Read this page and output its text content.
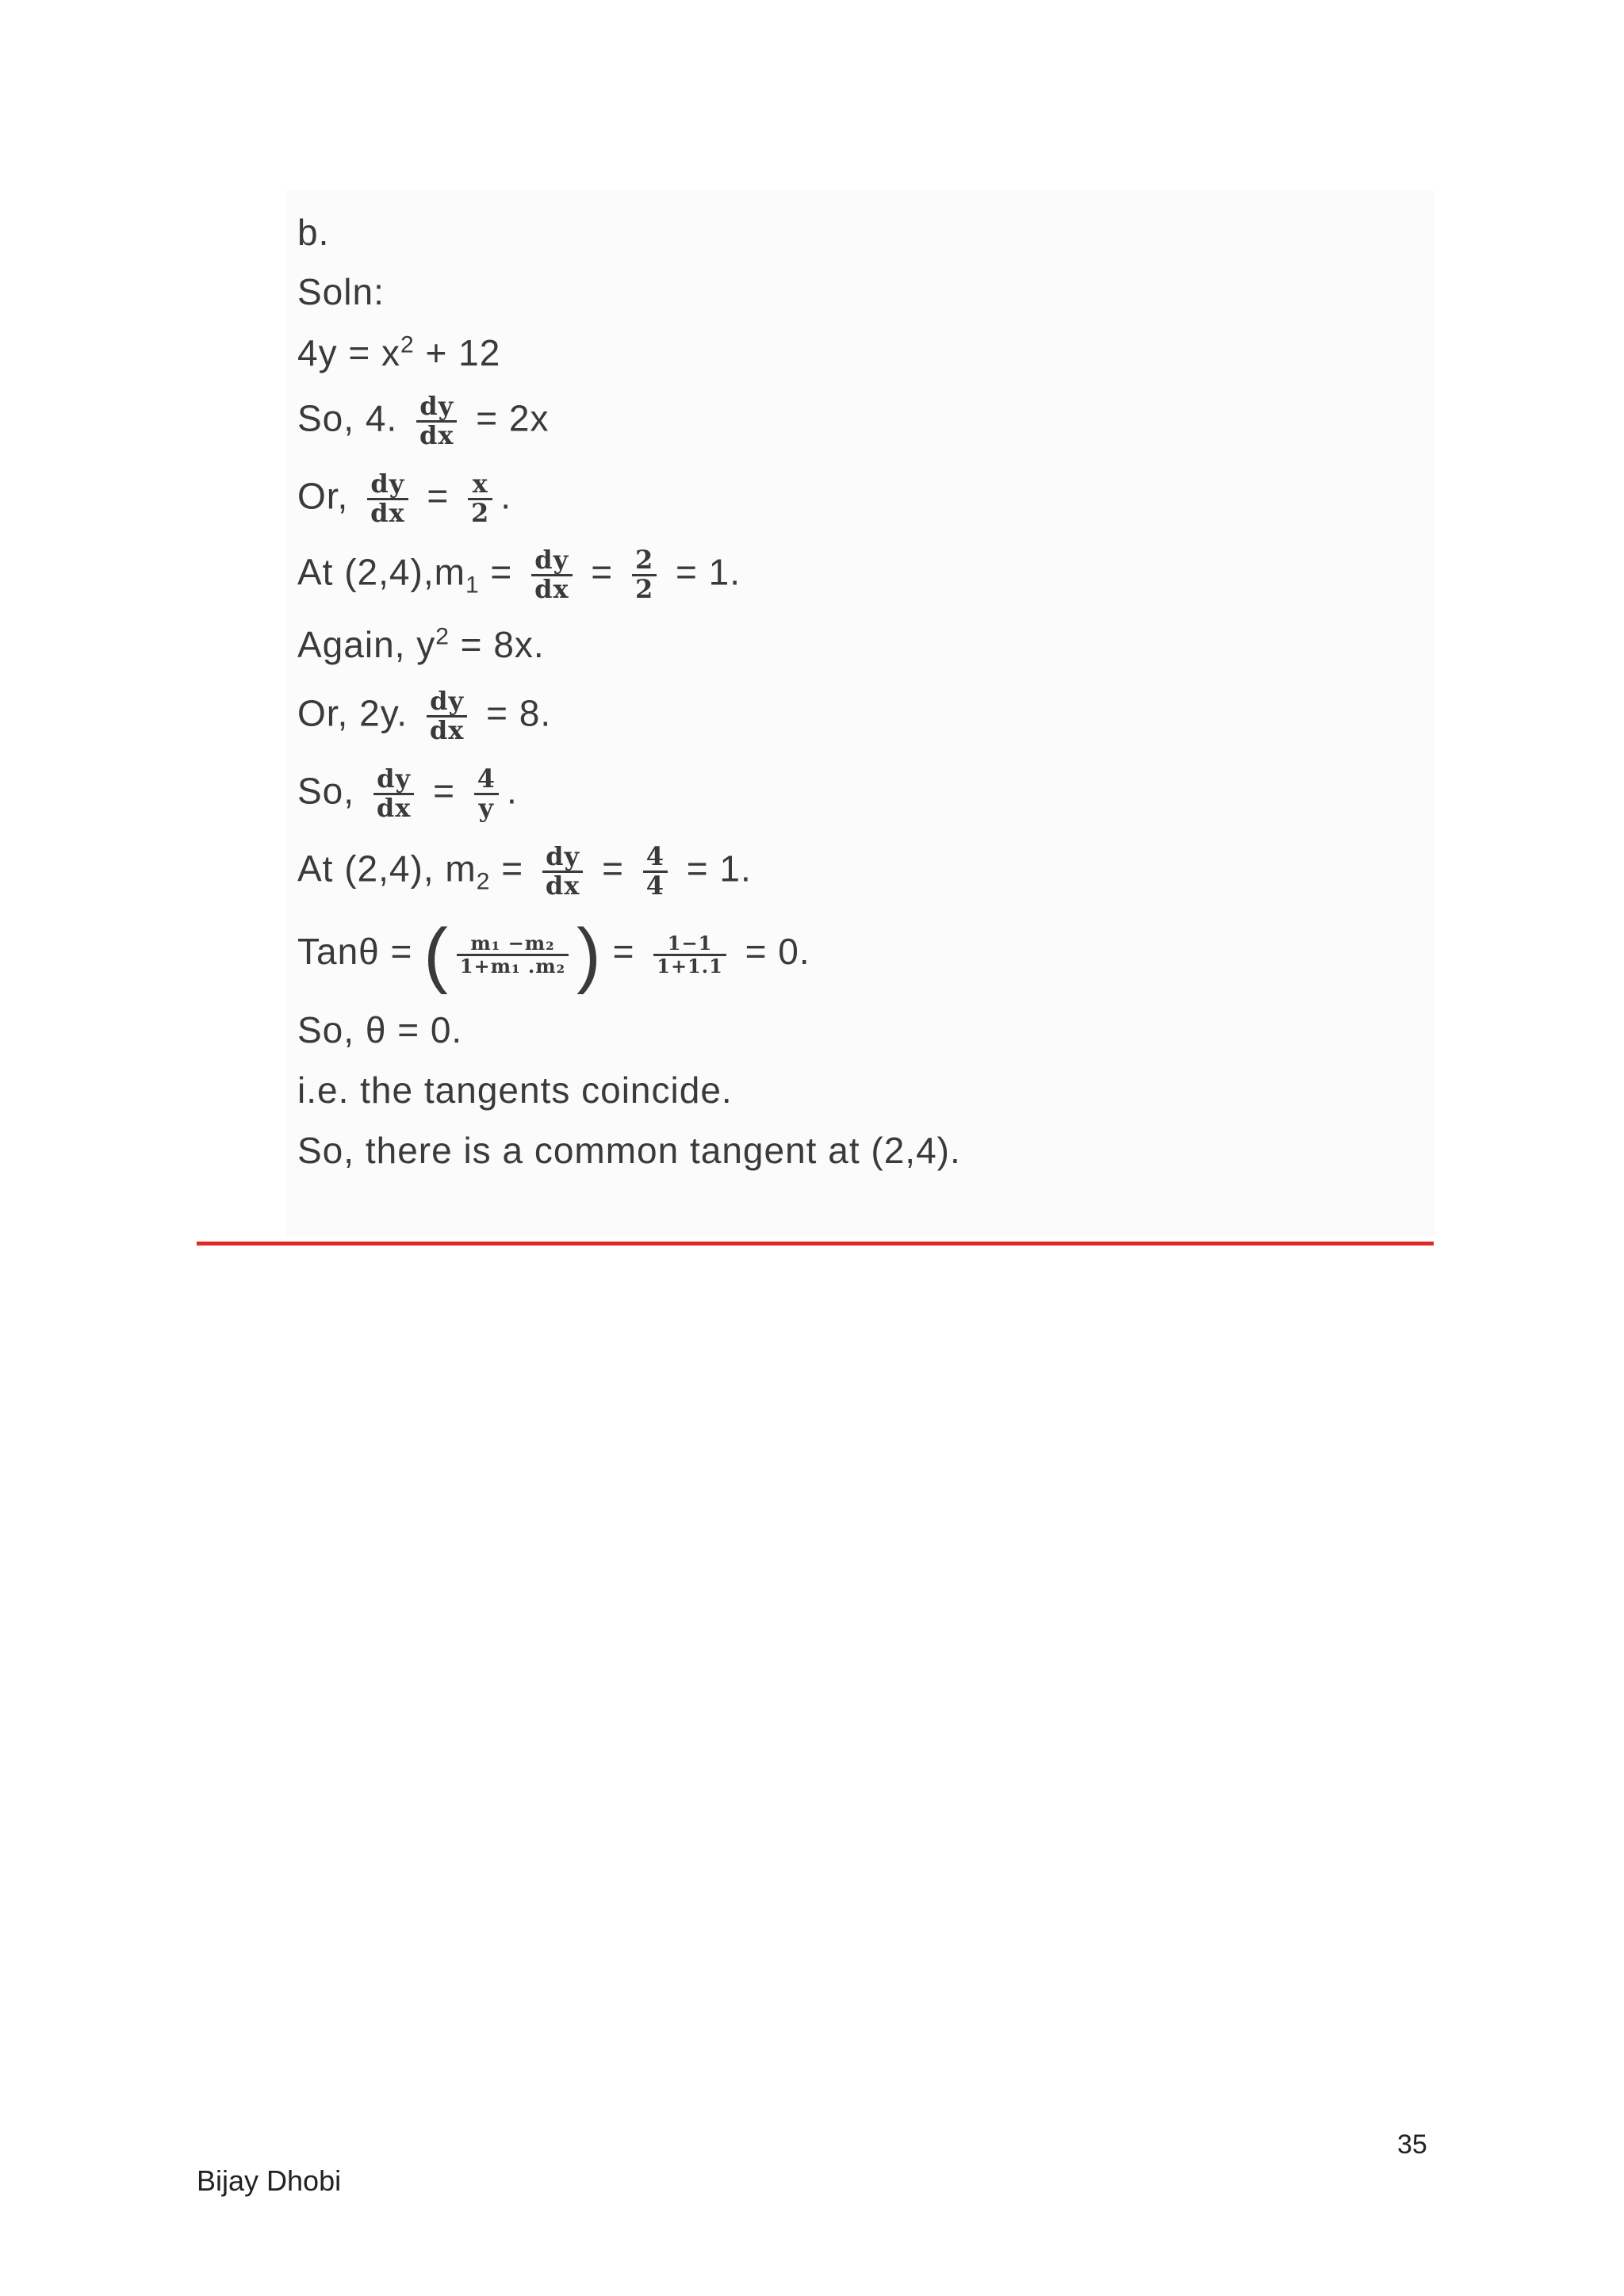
b.
Soln:
$4y = x^2 + 12$
So, 4. $\frac{dy}{dx} = 2x$
Or, $\frac{dy}{dx} = \frac{x}{2}$ .
At $(2,4),m_1 = \frac{dy}{dx} = \frac{2}{2} = 1$.
Again, $y^2 = 8x$.
Or, 2y. $\frac{dy}{dx} = 8$.
So, $\frac{dy}{dx} = \frac{4}{y}$ .
At (2,4), $m_2 = \frac{dy}{dx} = \frac{4}{4} = 1$.
Tanθ = ( $\frac{\text{m₁ −m₂}}{\text{1+m₁ .m₂}}$ ) = $\frac{1-1}{1+1.1} = 0$.
So, θ = 0.
i.e. the tangents coincide.
So, there is a common tangent at (2,4).
35
Bijay Dhobi
